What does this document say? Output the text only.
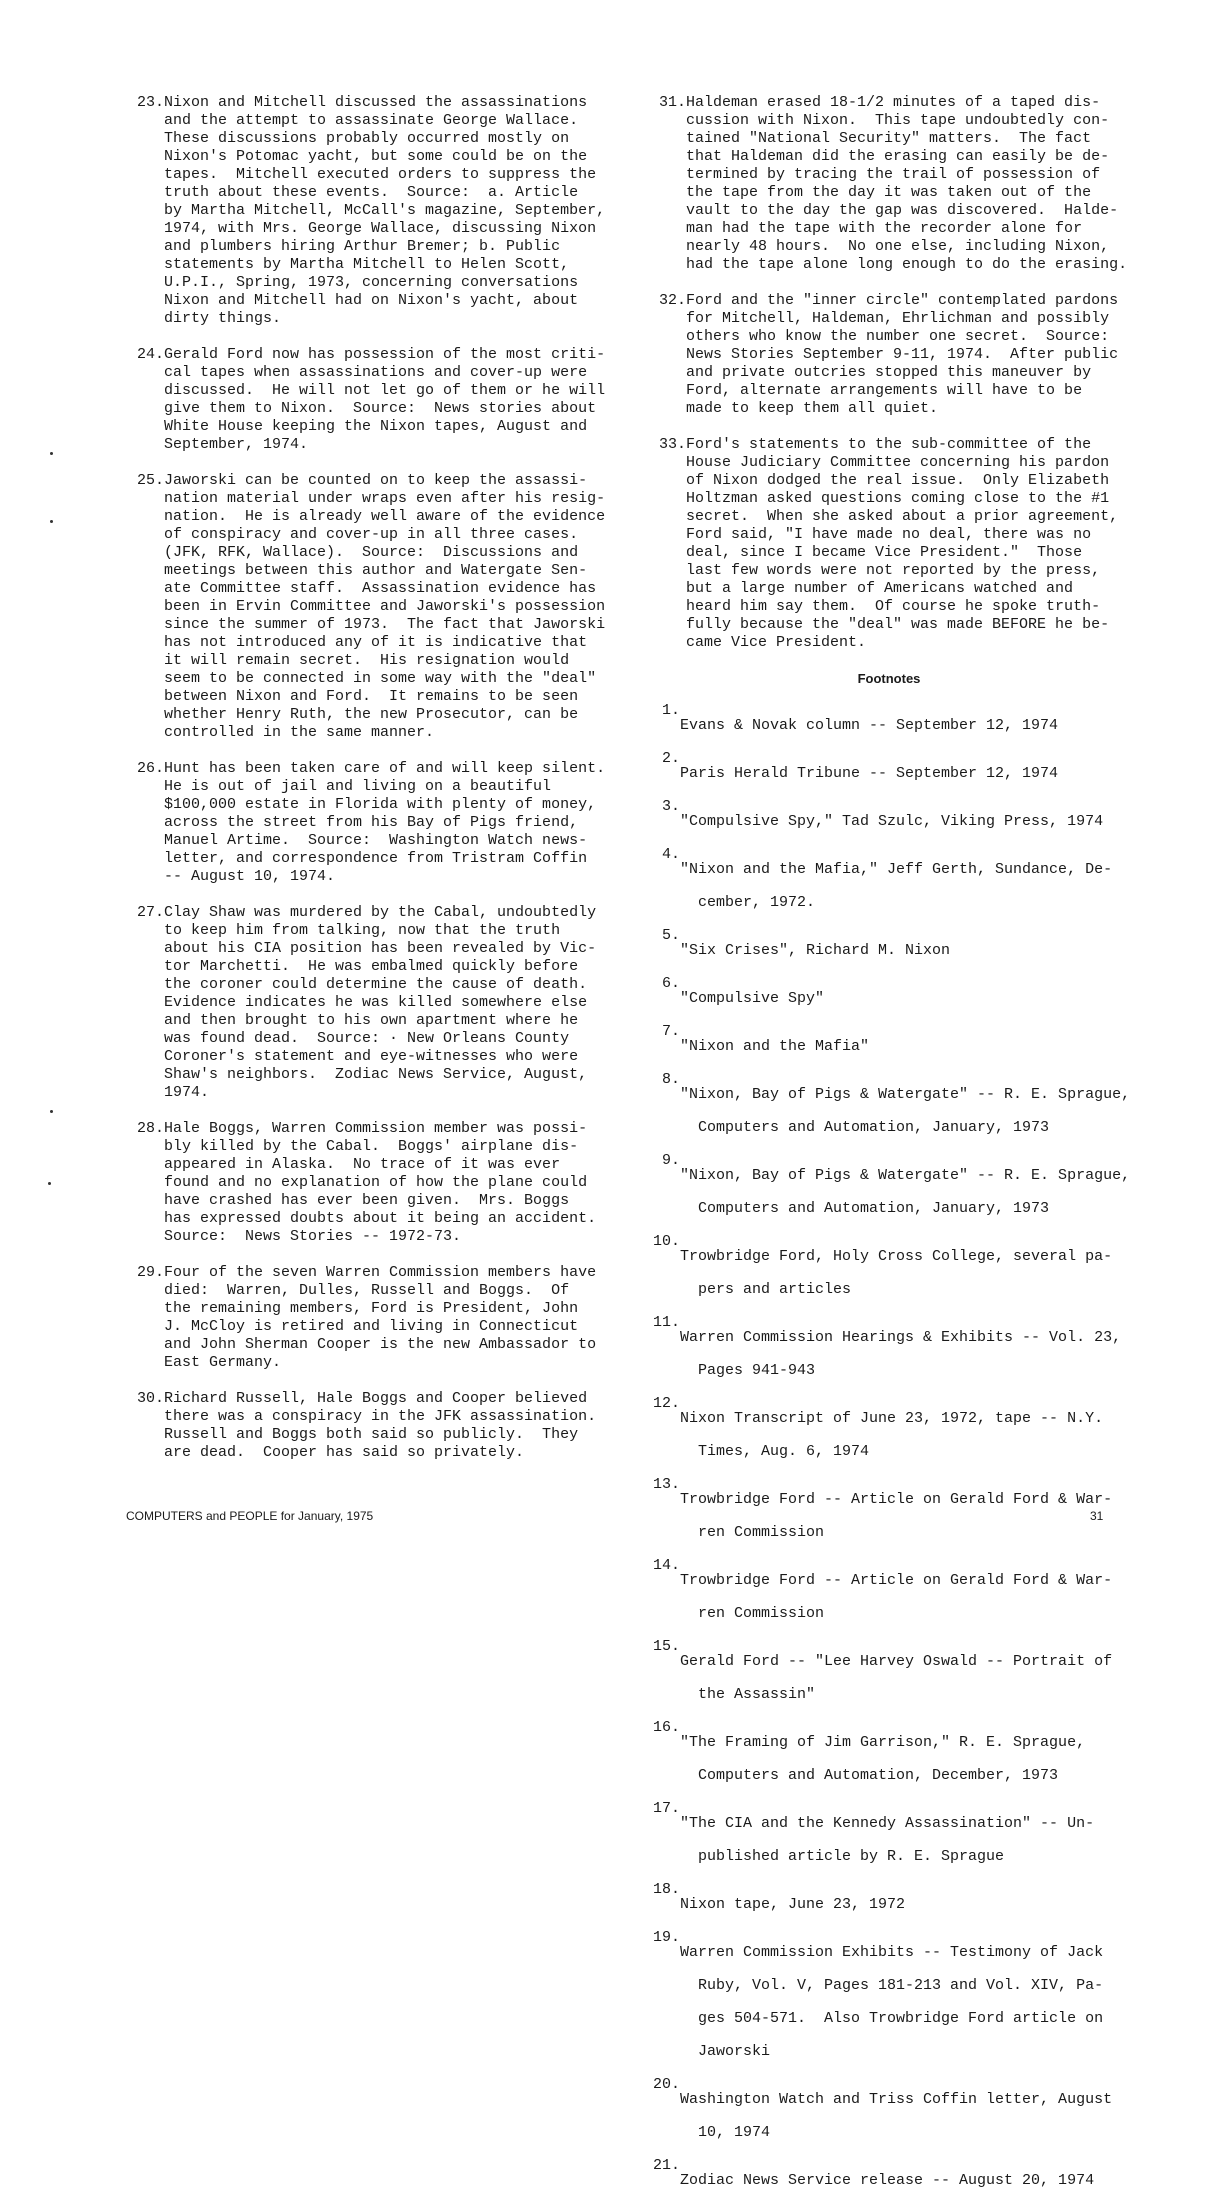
23. Nixon and Mitchell discussed the assassinations

and the attempt to assassinate George Wallace.

These discussions probably occurred mostly on

Nixon's Potomac yacht, but some could be on the

tapes.  Mitchell executed orders to suppress the

truth about these events.  Source:  a. Article

by Martha Mitchell, McCall's magazine, September,

1974, with Mrs. George Wallace, discussing Nixon

and plumbers hiring Arthur Bremer; b. Public

statements by Martha Mitchell to Helen Scott,

U.P.I., Spring, 1973, concerning conversations

Nixon and Mitchell had on Nixon's yacht, about

dirty things.

24. Gerald Ford now has possession of the most criti-

cal tapes when assassinations and cover-up were

discussed.  He will not let go of them or he will

give them to Nixon.  Source:  News stories about

White House keeping the Nixon tapes, August and

September, 1974.

25. Jaworski can be counted on to keep the assassi-

nation material under wraps even after his resig-

nation.  He is already well aware of the evidence

of conspiracy and cover-up in all three cases.

(JFK, RFK, Wallace).  Source:  Discussions and

meetings between this author and Watergate Sen-

ate Committee staff.  Assassination evidence has

been in Ervin Committee and Jaworski's possession

since the summer of 1973.  The fact that Jaworski

has not introduced any of it is indicative that

it will remain secret.  His resignation would

seem to be connected in some way with the "deal"

between Nixon and Ford.  It remains to be seen

whether Henry Ruth, the new Prosecutor, can be

controlled in the same manner.

26. Hunt has been taken care of and will keep silent.

He is out of jail and living on a beautiful

$100,000 estate in Florida with plenty of money,

across the street from his Bay of Pigs friend,

Manuel Artime.  Source:  Washington Watch news-

letter, and correspondence from Tristram Coffin

-- August 10, 1974.

27. Clay Shaw was murdered by the Cabal, undoubtedly

to keep him from talking, now that the truth

about his CIA position has been revealed by Vic-

tor Marchetti.  He was embalmed quickly before

the coroner could determine the cause of death.

Evidence indicates he was killed somewhere else

and then brought to his own apartment where he

was found dead.  Source: · New Orleans County

Coroner's statement and eye-witnesses who were

Shaw's neighbors.  Zodiac News Service, August,

1974.

28. Hale Boggs, Warren Commission member was possi-

bly killed by the Cabal.  Boggs' airplane dis-

appeared in Alaska.  No trace of it was ever

found and no explanation of how the plane could

have crashed has ever been given.  Mrs. Boggs

has expressed doubts about it being an accident.

Source:  News Stories -- 1972-73.

29. Four of the seven Warren Commission members have

died:  Warren, Dulles, Russell and Boggs.  Of

the remaining members, Ford is President, John

J. McCloy is retired and living in Connecticut

and John Sherman Cooper is the new Ambassador to

East Germany.

30. Richard Russell, Hale Boggs and Cooper believed

there was a conspiracy in the JFK assassination.

Russell and Boggs both said so publicly.  They

are dead.  Cooper has said so privately.

31. Haldeman erased 18-1/2 minutes of a taped dis-

cussion with Nixon.  This tape undoubtedly con-

tained "National Security" matters.  The fact

that Haldeman did the erasing can easily be de-

termined by tracing the trail of possession of

the tape from the day it was taken out of the

vault to the day the gap was discovered.  Halde-

man had the tape with the recorder alone for

nearly 48 hours.  No one else, including Nixon,

had the tape alone long enough to do the erasing.

32. Ford and the "inner circle" contemplated pardons

for Mitchell, Haldeman, Ehrlichman and possibly

others who know the number one secret.  Source:

News Stories September 9-11, 1974.  After public

and private outcries stopped this maneuver by

Ford, alternate arrangements will have to be

made to keep them all quiet.

33. Ford's statements to the sub-committee of the

House Judiciary Committee concerning his pardon

of Nixon dodged the real issue.  Only Elizabeth

Holtzman asked questions coming close to the #1

secret.  When she asked about a prior agreement,

Ford said, "I have made no deal, there was no

deal, since I became Vice President."  Those

last few words were not reported by the press,

but a large number of Americans watched and

heard him say them.  Of course he spoke truth-

fully because the "deal" was made BEFORE he be-

came Vice President.

Footnotes
1.

Evans & Novak column -- September 12, 1974

2.

Paris Herald Tribune -- September 12, 1974

3.

"Compulsive Spy," Tad Szulc, Viking Press, 1974

4.

"Nixon and the Mafia," Jeff Gerth, Sundance, De-

cember, 1972.

5.

"Six Crises", Richard M. Nixon

6.

"Compulsive Spy"

7.

"Nixon and the Mafia"

8.

"Nixon, Bay of Pigs & Watergate" -- R. E. Sprague,

Computers and Automation, January, 1973

9.

"Nixon, Bay of Pigs & Watergate" -- R. E. Sprague,

Computers and Automation, January, 1973

10.

Trowbridge Ford, Holy Cross College, several pa-

pers and articles

11.

Warren Commission Hearings & Exhibits -- Vol. 23,

Pages 941-943

12.

Nixon Transcript of June 23, 1972, tape -- N.Y.

Times, Aug. 6, 1974

13.

Trowbridge Ford -- Article on Gerald Ford & War-

ren Commission

14.

Trowbridge Ford -- Article on Gerald Ford & War-

ren Commission

15.

Gerald Ford -- "Lee Harvey Oswald -- Portrait of

the Assassin"

16.

"The Framing of Jim Garrison," R. E. Sprague,

Computers and Automation, December, 1973

17.

"The CIA and the Kennedy Assassination" -- Un-

published article by R. E. Sprague

18.

Nixon tape, June 23, 1972

19.

Warren Commission Exhibits -- Testimony of Jack

Ruby, Vol. V, Pages 181-213 and Vol. XIV, Pa-

ges 504-571.  Also Trowbridge Ford article on

Jaworski

20.

Washington Watch and Triss Coffin letter, August

10, 1974

21.

Zodiac News Service release -- August 20, 1974

COMPUTERS and PEOPLE for January, 1975	31
